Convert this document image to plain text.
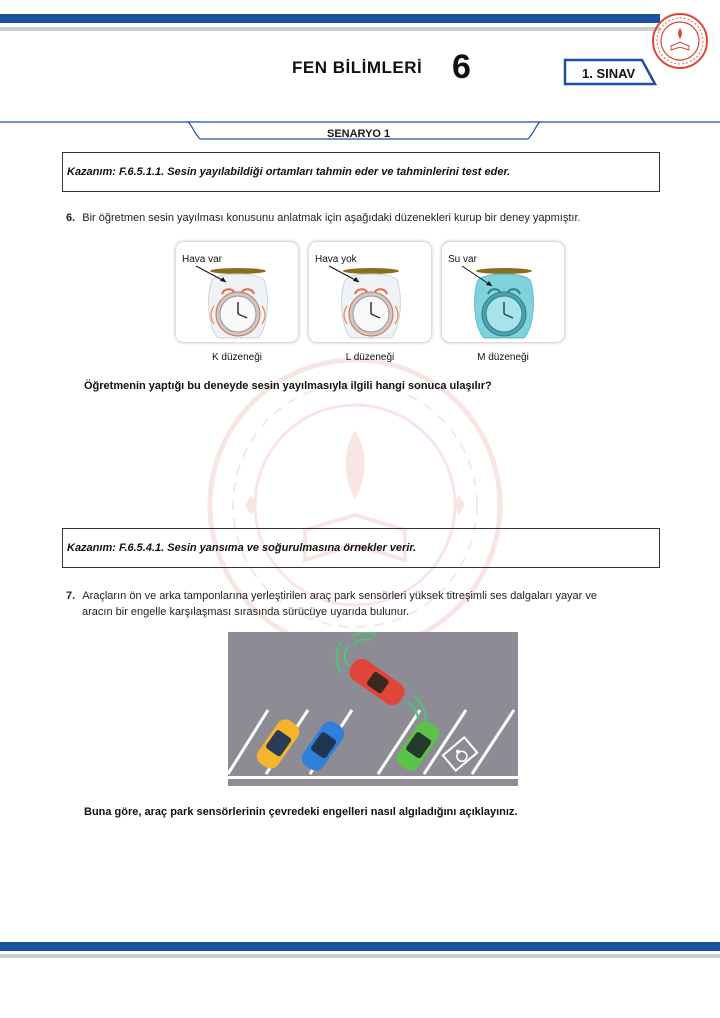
FEN BİLİMLERİ 6	1. SINAV
SENARYO 1
Kazanım: F.6.5.1.1. Sesin yayılabildiği ortamları tahmin eder ve tahminlerini test eder.
6. Bir öğretmen sesin yayılması konusunu anlatmak için aşağıdaki düzenekleri kurup bir deney yapmıştır.
Hava var	Hava yok	Su var
K düzeneği	L düzeneği	M düzeneği
Öğretmenin yaptığı bu deneyde sesin yayılmasıyla ilgili hangi sonuca ulaşılır?
Kazanım: F.6.5.4.1. Sesin yansıma ve soğurulmasına örnekler verir.
7. Araçların ön ve arka tamponlarına yerleştirilen araç park sensörleri yüksek titreşimli ses dalgaları yayar ve
aracın bir engelle karşılaşması sırasında sürücüye uyarıda bulunur.
Buna göre, araç park sensörlerinin çevredeki engelleri nasıl algıladığını açıklayınız.
